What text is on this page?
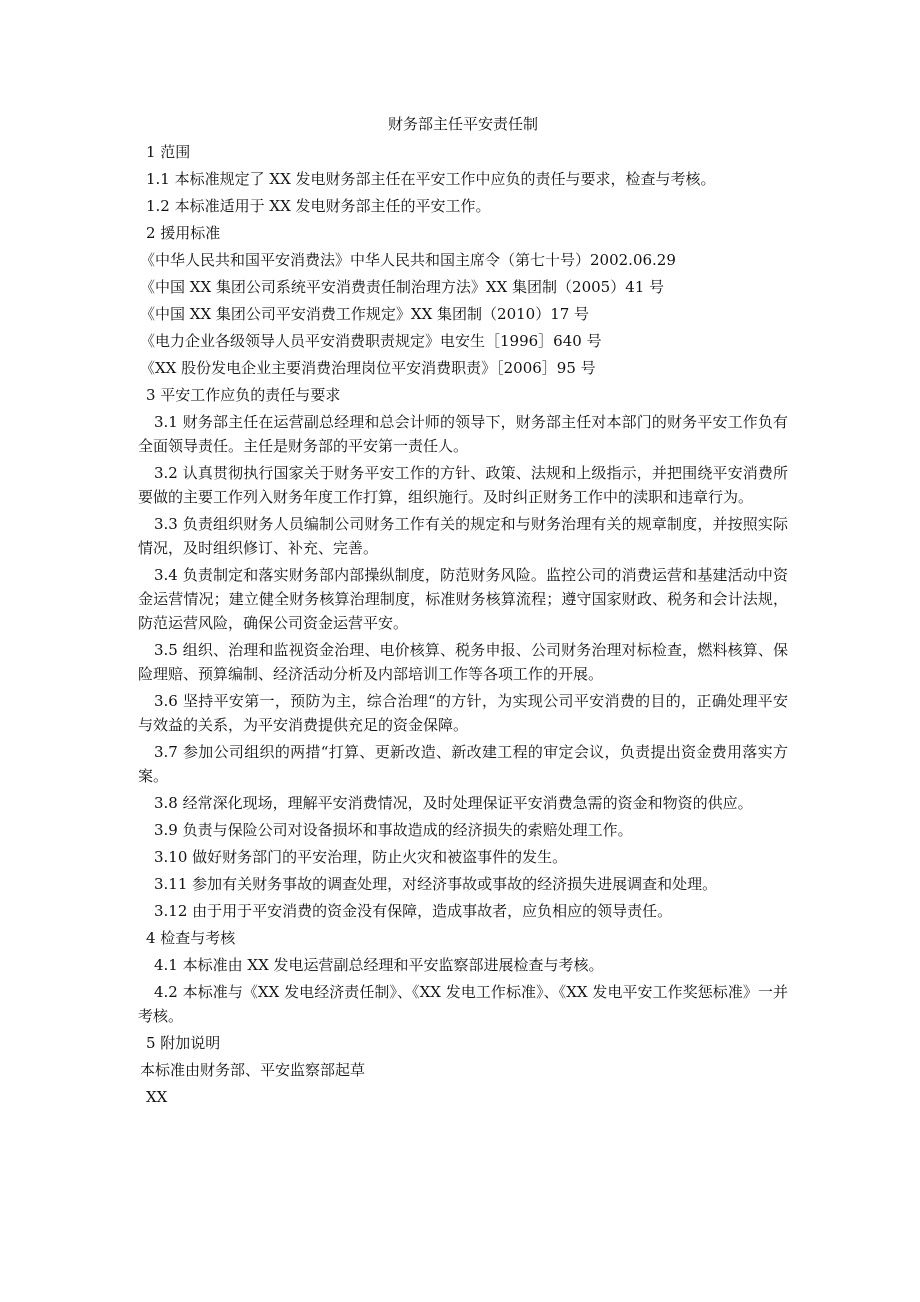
财务部主任平安责任制
1 范围
1.1 本标准规定了 XX 发电财务部主任在平安工作中应负的责任与要求，检查与考核。
1.2 本标准适用于 XX 发电财务部主任的平安工作。
2 援用标准
《中华人民共和国平安消费法》中华人民共和国主席令（第七十号）2002.06.29
《中国 XX 集团公司系统平安消费责任制治理方法》XX 集团制（2005）41 号
《中国 XX 集团公司平安消费工作规定》XX 集团制（2010）17 号
《电力企业各级领导人员平安消费职责规定》电安生［1996］640 号
《XX 股份发电企业主要消费治理岗位平安消费职责》［2006］95 号
3 平安工作应负的责任与要求
3.1 财务部主任在运营副总经理和总会计师的领导下，财务部主任对本部门的财务平安工作负有全面领导责任。主任是财务部的平安第一责任人。
3.2 认真贯彻执行国家关于财务平安工作的方针、政策、法规和上级指示，并把围绕平安消费所要做的主要工作列入财务年度工作打算，组织施行。及时纠正财务工作中的渎职和违章行为。
3.3 负责组织财务人员编制公司财务工作有关的规定和与财务治理有关的规章制度，并按照实际情况，及时组织修订、补充、完善。
3.4 负责制定和落实财务部内部操纵制度，防范财务风险。监控公司的消费运营和基建活动中资金运营情况；建立健全财务核算治理制度，标准财务核算流程；遵守国家财政、税务和会计法规，防范运营风险，确保公司资金运营平安。
3.5 组织、治理和监视资金治理、电价核算、税务申报、公司财务治理对标检查，燃料核算、保险理赔、预算编制、经济活动分析及内部培训工作等各项工作的开展。
3.6 坚持平安第一，预防为主，综合治理“的方针，为实现公司平安消费的目的，正确处理平安与效益的关系，为平安消费提供充足的资金保障。
3.7 参加公司组织的两措“打算、更新改造、新改建工程的审定会议，负责提出资金费用落实方案。
3.8 经常深化现场，理解平安消费情况，及时处理保证平安消费急需的资金和物资的供应。
3.9 负责与保险公司对设备损坏和事故造成的经济损失的索赔处理工作。
3.10 做好财务部门的平安治理，防止火灾和被盗事件的发生。
3.11 参加有关财务事故的调查处理，对经济事故或事故的经济损失进展调查和处理。
3.12 由于用于平安消费的资金没有保障，造成事故者，应负相应的领导责任。
4 检查与考核
4.1 本标准由 XX 发电运营副总经理和平安监察部进展检查与考核。
4.2 本标准与《XX 发电经济责任制》、《XX 发电工作标准》、《XX 发电平安工作奖惩标准》一并考核。
5 附加说明
本标准由财务部、平安监察部起草
XX
